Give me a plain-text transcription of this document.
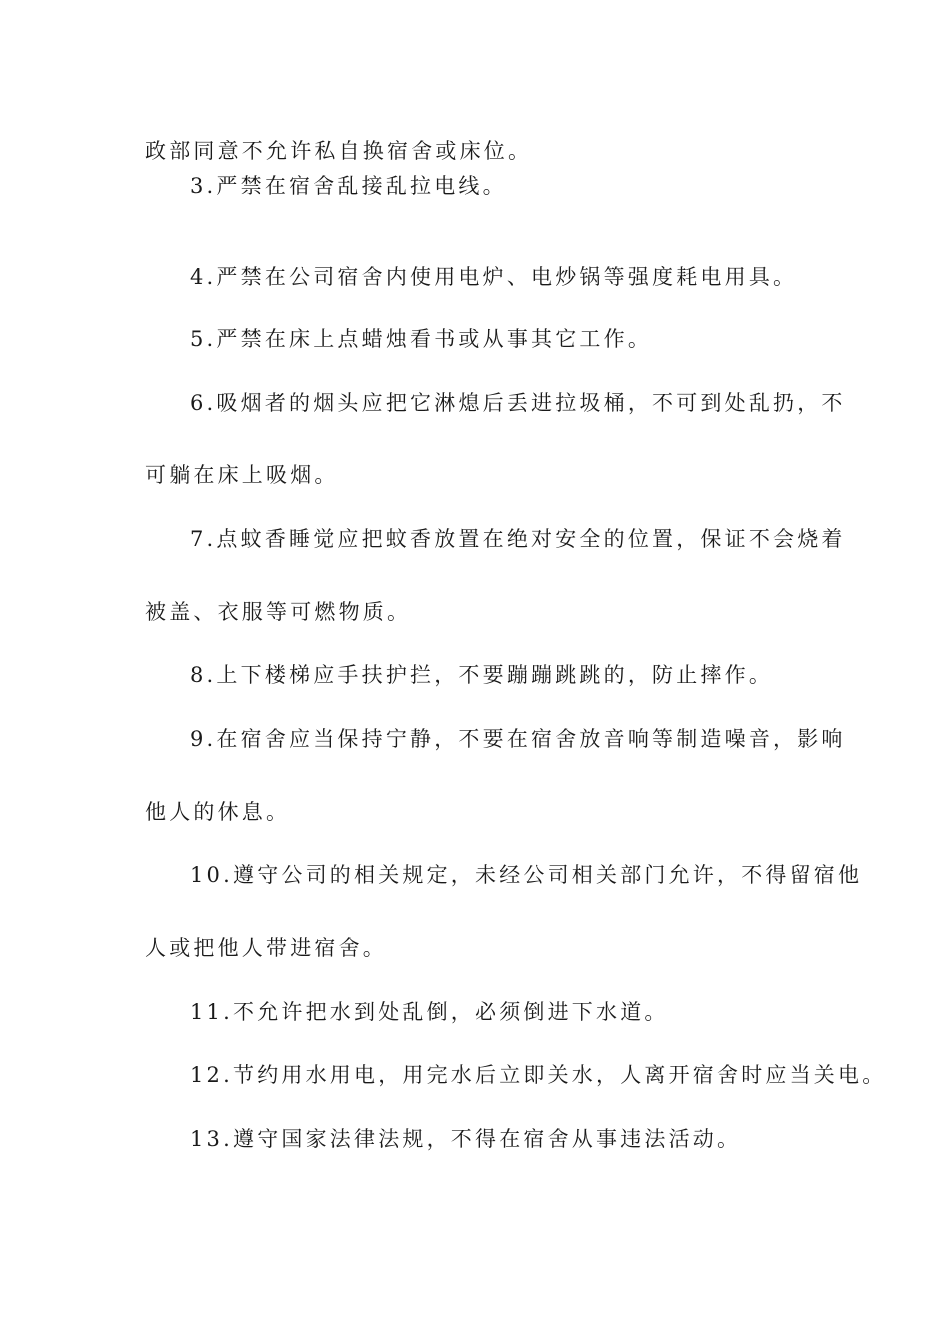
政部同意不允许私自换宿舍或床位。
3.严禁在宿舍乱接乱拉电线。
4.严禁在公司宿舍内使用电炉、电炒锅等强度耗电用具。
5.严禁在床上点蜡烛看书或从事其它工作。
6.吸烟者的烟头应把它淋熄后丢进拉圾桶，不可到处乱扔，不
可躺在床上吸烟。
7.点蚊香睡觉应把蚊香放置在绝对安全的位置，保证不会烧着
被盖、衣服等可燃物质。
8.上下楼梯应手扶护拦，不要蹦蹦跳跳的，防止摔作。
9.在宿舍应当保持宁静，不要在宿舍放音响等制造噪音，影响
他人的休息。
10.遵守公司的相关规定，未经公司相关部门允许，不得留宿他
人或把他人带进宿舍。
11.不允许把水到处乱倒，必须倒进下水道。
12.节约用水用电，用完水后立即关水，人离开宿舍时应当关电。
13.遵守国家法律法规，不得在宿舍从事违法活动。
